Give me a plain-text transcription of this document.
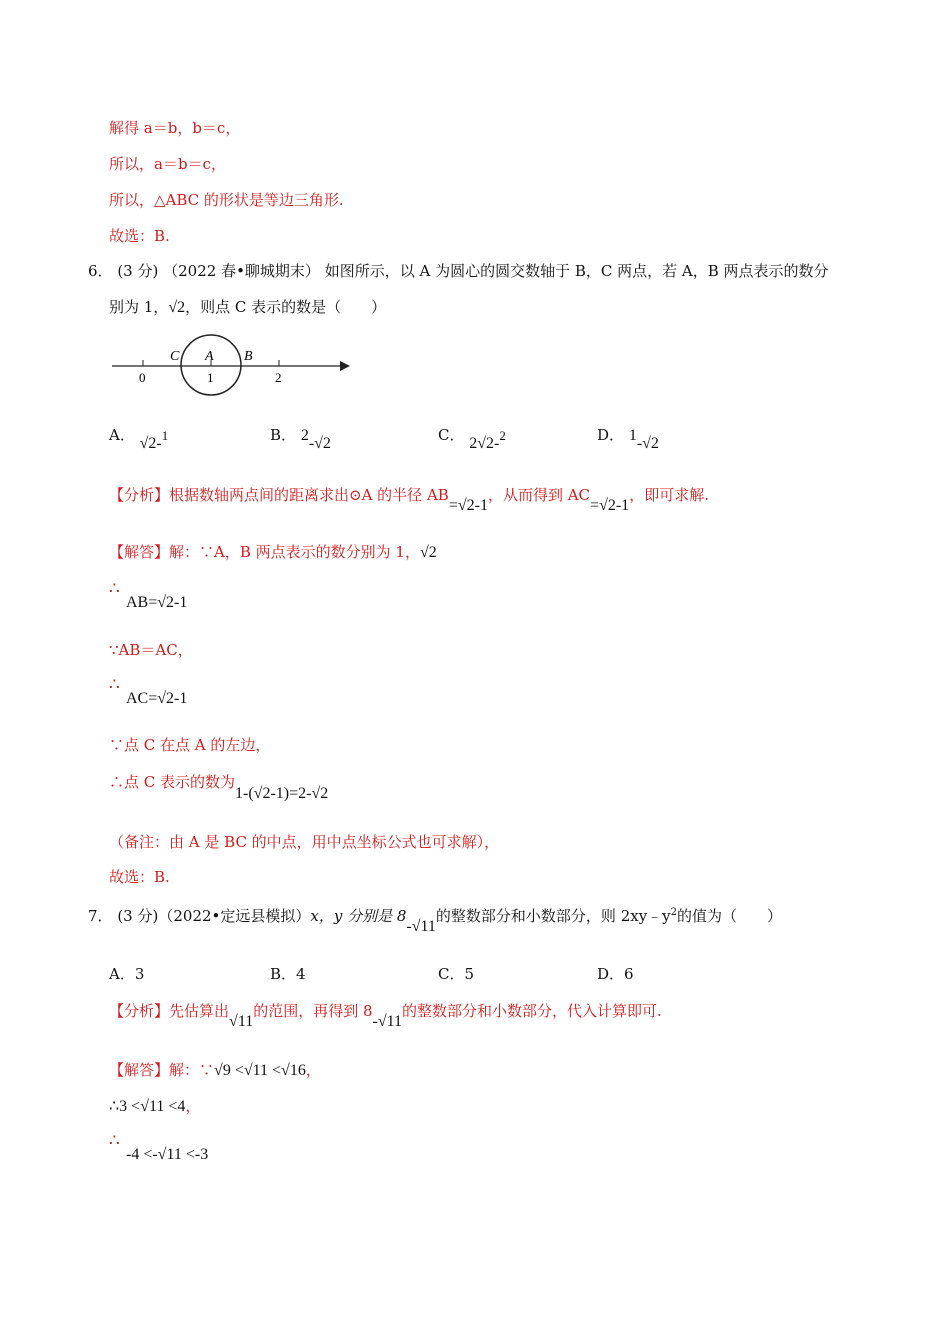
解得 a＝b，b＝c，
所以，a＝b＝c，
所以，△ABC 的形状是等边三角形.
故选：B.
6． (3 分) （2022 春•聊城期末） 如图所示，以 A 为圆心的圆交数轴于 B，C 两点，若 A，B 两点表示的数分
别为 1，√2，则点 C 表示的数是（　　）
C A B
0	1	2
A． √2-1	B． 2-√2	C． 2√2-2	D． 1-√2
【分析】根据数轴两点间的距离求出⊙A 的半径 AB=√2-1，从而得到 AC=√2-1，即可求解.
【解答】解：∵A，B 两点表示的数分别为 1，√2
∴
AB=√2-1
∵AB＝AC，
∴
AC=√2-1
∵点 C 在点 A 的左边，
∴点 C 表示的数为1-(√2-1)=2-√2
（备注：由 A 是 BC 的中点，用中点坐标公式也可求解），
故选：B.
7． (3 分)（2022•定远县模拟）x，y 分别是 8-√11的整数部分和小数部分，则 $2xy﹣y^2$的值为（　　）
A．3	B．4	C．5	D．6
【分析】先估算出√11的范围，再得到 8-√11的整数部分和小数部分，代入计算即可.
【解答】解：∵√9 <√11 <√16，
∴3 <√11 <4，
∴
-4 <-√11 <-3
